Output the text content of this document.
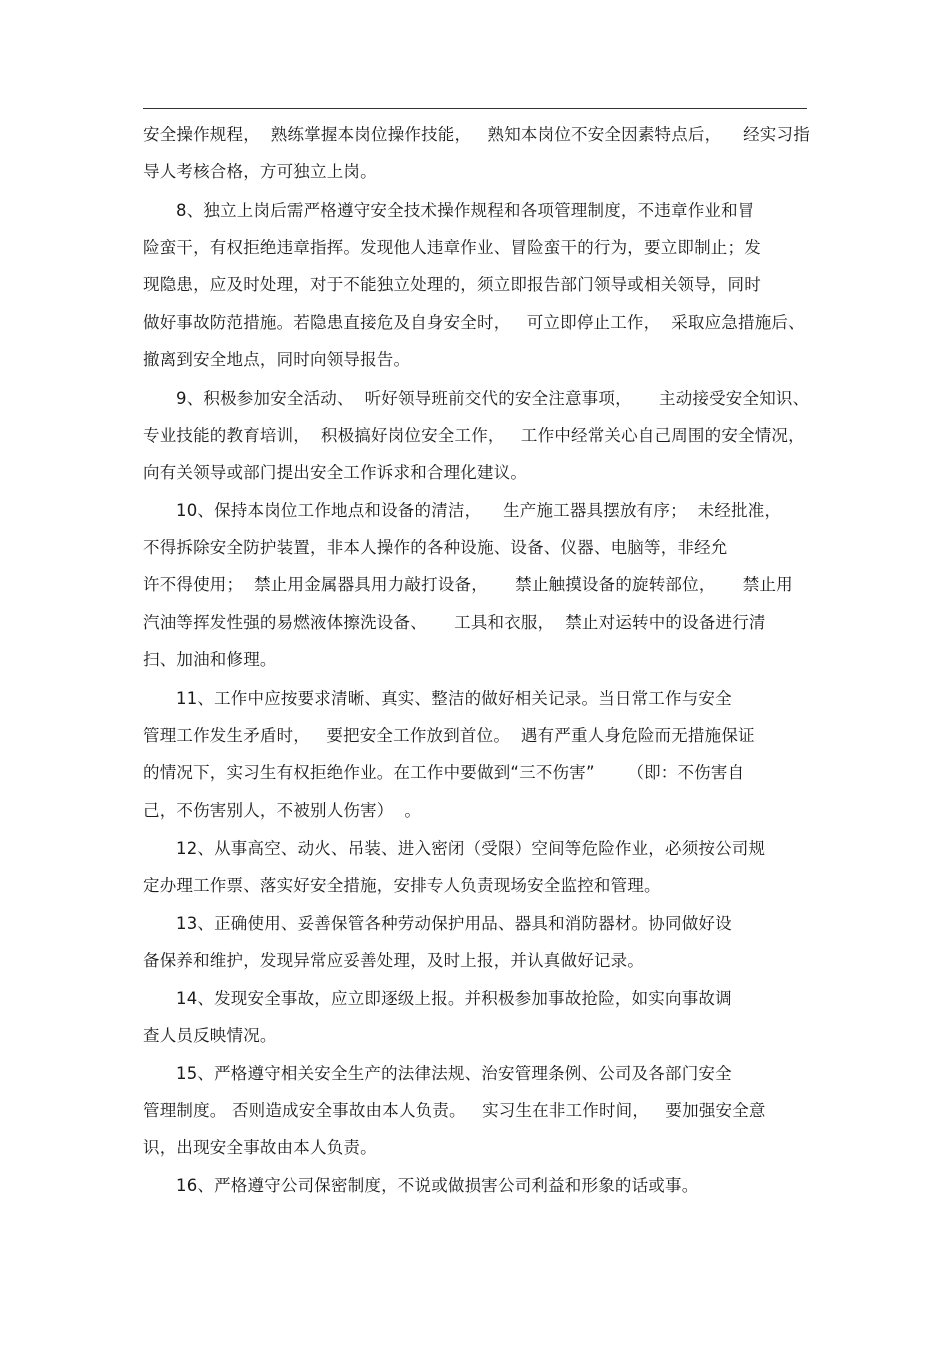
安全操作规程，  熟练掌握本岗位操作技能，   熟知本岗位不安全因素特点后，    经实习指
导人考核合格，方可独立上岗。
8、独立上岗后需严格遵守安全技术操作规程和各项管理制度，不违章作业和冒
险蛮干，有权拒绝违章指挥。发现他人违章作业、冒险蛮干的行为，要立即制止；发
现隐患，应及时处理，对于不能独立处理的，须立即报告部门领导或相关领导，同时
做好事故防范措施。若隐患直接危及自身安全时，   可立即停止工作，  采取应急措施后、
撤离到安全地点，同时向领导报告。
9、积极参加安全活动、  听好领导班前交代的安全注意事项，     主动接受安全知识、
专业技能的教育培训，  积极搞好岗位安全工作，   工作中经常关心自己周围的安全情况，
向有关领导或部门提出安全工作诉求和合理化建议。
10、保持本岗位工作地点和设备的清洁，    生产施工器具摆放有序；  未经批准，
不得拆除安全防护装置，非本人操作的各种设施、设备、仪器、电脑等，非经允
许不得使用；  禁止用金属器具用力敲打设备，     禁止触摸设备的旋转部位，     禁止用
汽油等挥发性强的易燃液体擦洗设备、     工具和衣服，  禁止对运转中的设备进行清
扫、加油和修理。
11、工作中应按要求清晰、真实、整洁的做好相关记录。当日常工作与安全
管理工作发生矛盾时，   要把安全工作放到首位。  遇有严重人身危险而无措施保证
的情况下，实习生有权拒绝作业。在工作中要做到“三不伤害”      （即：不伤害自
己，不伤害别人，不被别人伤害）  。
12、从事高空、动火、吊装、进入密闭（受限）空间等危险作业，必须按公司规
定办理工作票、落实好安全措施，安排专人负责现场安全监控和管理。
13、正确使用、妥善保管各种劳动保护用品、器具和消防器材。协同做好设
备保养和维护，发现异常应妥善处理，及时上报，并认真做好记录。
14、发现安全事故，应立即逐级上报。并积极参加事故抢险，如实向事故调
查人员反映情况。
15、严格遵守相关安全生产的法律法规、治安管理条例、公司及各部门安全
管理制度。 否则造成安全事故由本人负责。   实习生在非工作时间，   要加强安全意
识，出现安全事故由本人负责。
16、严格遵守公司保密制度，不说或做损害公司利益和形象的话或事。
